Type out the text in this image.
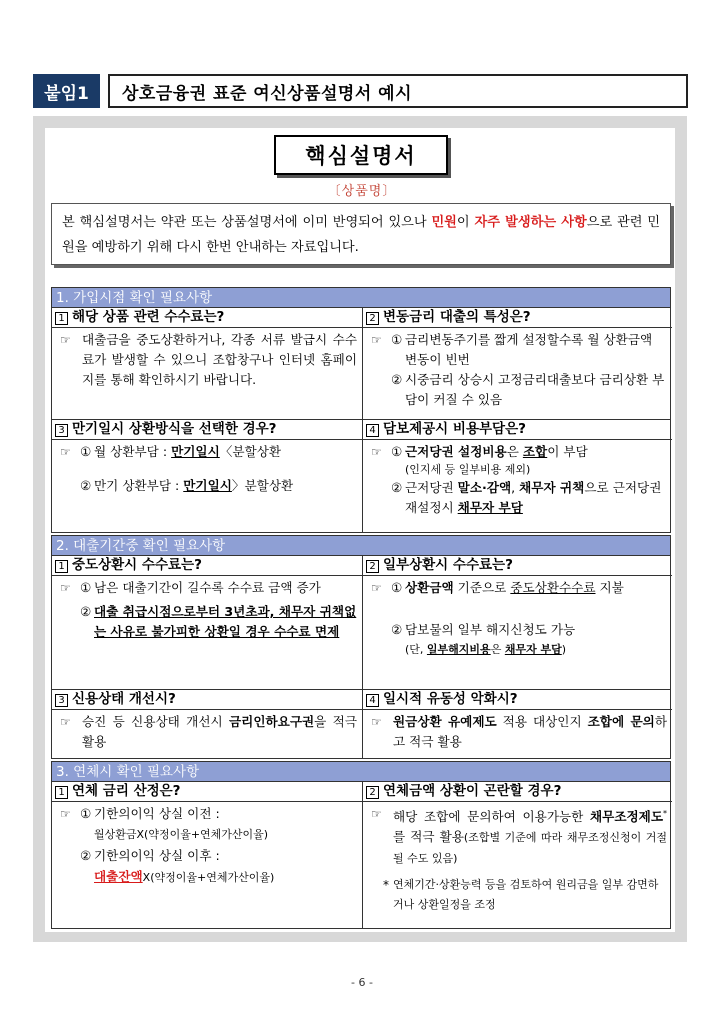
붙임1	상호금융권 표준 여신상품설명서 예시
핵심설명서
〔상품명〕
본 핵심설명서는 약관 또는 상품설명서에 이미 반영되어 있으나 민원이 자주 발생하는 사항으로 관련 민원을 예방하기 위해 다시 한번 안내하는 자료입니다.
1. 가입시점 확인 필요사항
1 해당 상품 관련 수수료는?

☞ 대출금을 중도상환하거나, 각종 서류 발급시 수수료가 발생할 수 있으니 조합창구나 인터넷 홈페이지를 통해 확인하시기 바랍니다.

2 변동금리 대출의 특성은?

☞ ① 금리변동주기를 짧게 설정할수록 월 상환금액 변동이 빈번

② 시중금리 상승시 고정금리대출보다 금리상환 부담이 커질 수 있음

3 만기일시 상환방식을 선택한 경우?

☞ ① 월 상환부담 : 만기일시〈분할상환

② 만기 상환부담 : 만기일시〉분할상환

4 담보제공시 비용부담은?

☞ ① 근저당권 설정비용은 조합이 부담

(인지세 등 일부비용 제외)

② 근저당권 말소·감액, 채무자 귀책으로 근저당권 재설정시 채무자 부담

2. 대출기간중 확인 필요사항
1 중도상환시 수수료는?

☞ ① 남은 대출기간이 길수록 수수료 금액 증가

② 대출 취급시점으로부터 3년초과, 채무자 귀책없는 사유로 불가피한 상환일 경우 수수료 면제

2 일부상환시 수수료는?

☞ ① 상환금액 기준으로 중도상환수수료 지불

② 담보물의 일부 해지신청도 가능

(단, 일부해지비용은 채무자 부담)

3 신용상태 개선시?

☞ 승진 등 신용상태 개선시 금리인하요구권을 적극 활용

4 일시적 유동성 악화시?

☞ 원금상환 유예제도 적용 대상인지 조합에 문의하고 적극 활용

3. 연체시 확인 필요사항
1 연체 금리 산정은?

☞ ① 기한의이익 상실 이전 :

월상환금X(약정이율+연체가산이율)

② 기한의이익 상실 이후 :

대출잔액X(약정이율+연체가산이율)

2 연체금액 상환이 곤란할 경우?

☞ 해당 조합에 문의하여 이용가능한 채무조정제도*를 적극 활용(조합별 기준에 따라 채무조정신청이 거절될 수도 있음)

* 연체기간·상환능력 등을 검토하여 원리금을 일부 감면하거나 상환일정을 조정

- 6 -
